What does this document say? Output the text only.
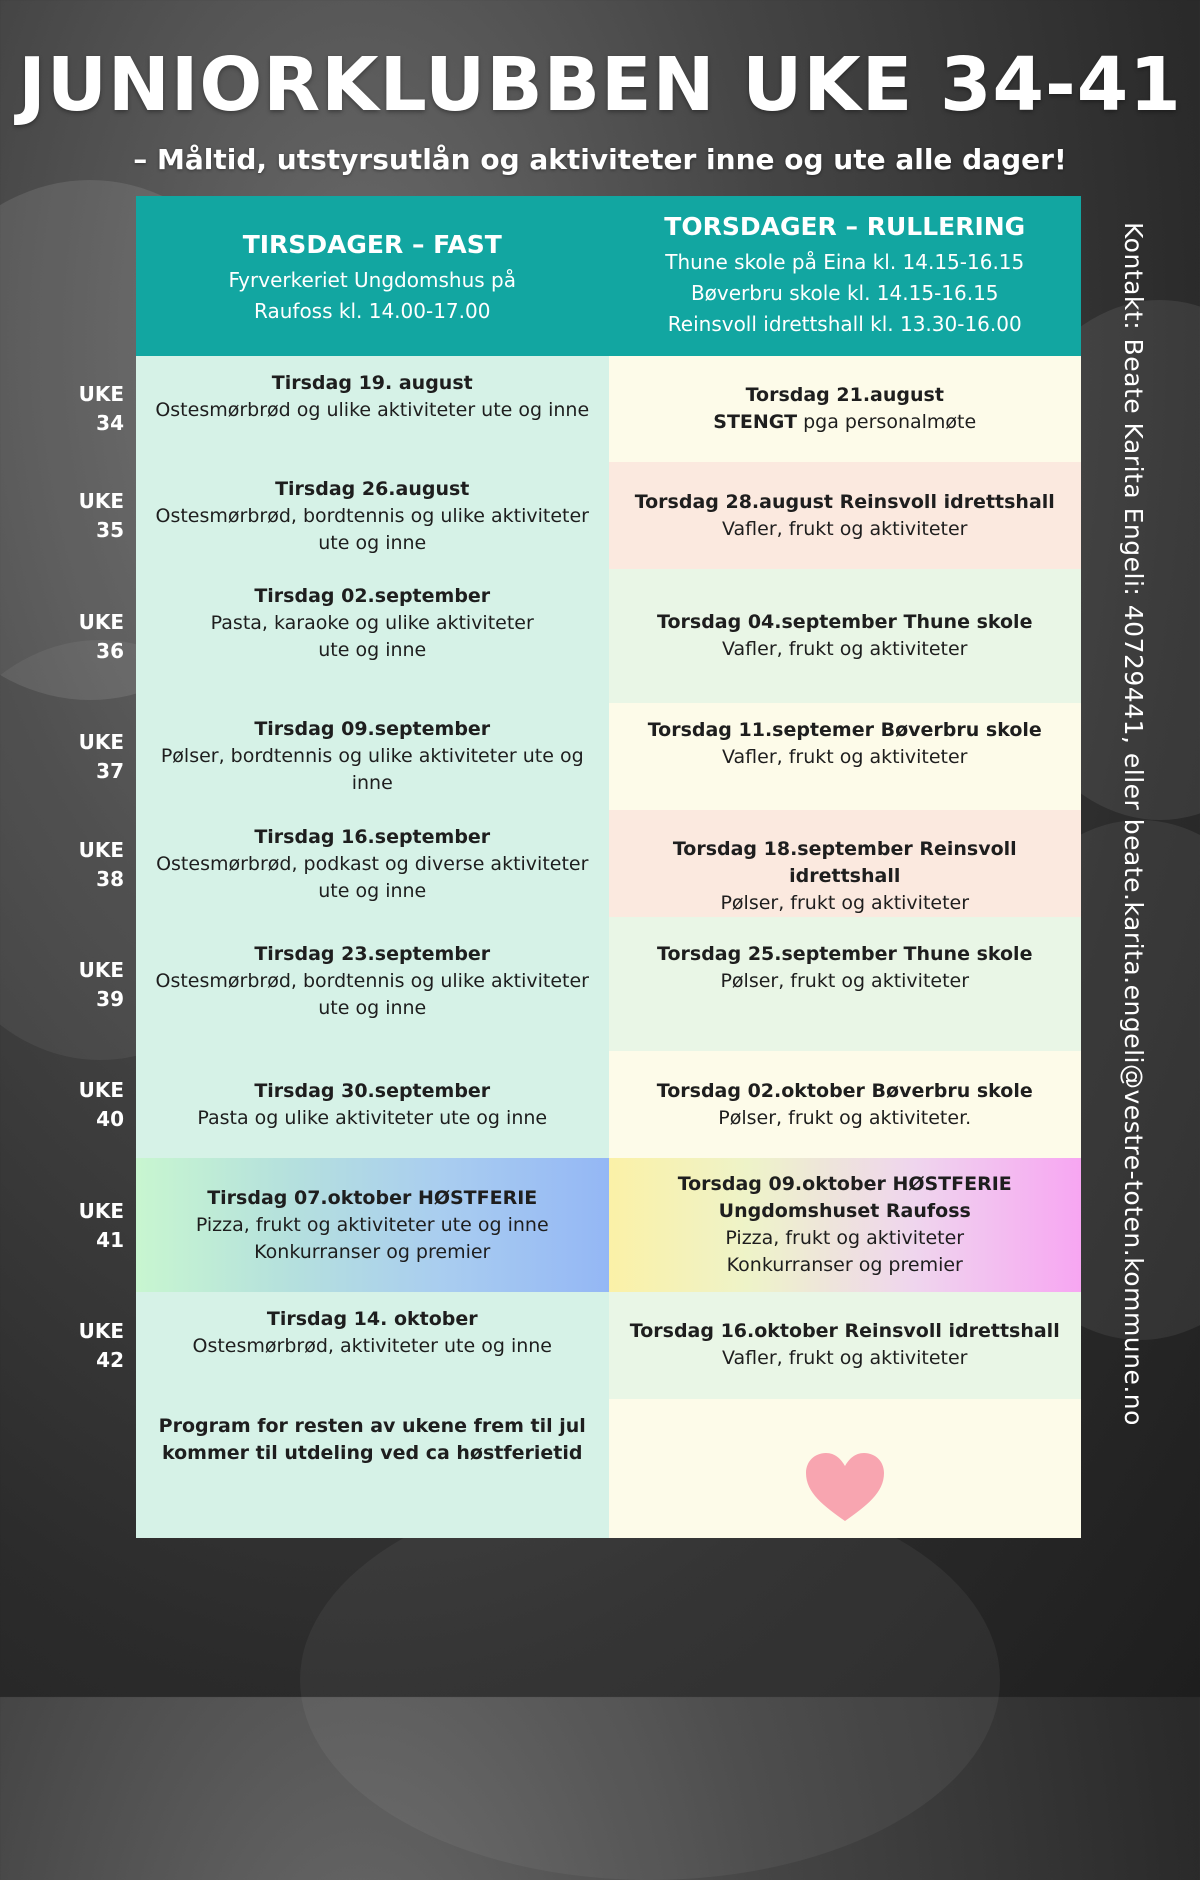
JUNIORKLUBBEN UKE 34-41
– Måltid, utstyrsutlån og aktiviteter inne og ute alle dager!
Kontakt: Beate Karita Engeli: 40729441, eller beate.karita.engeli@vestre-toten.kommune.no
TIRSDAGER – FAST
Fyrverkeriet Ungdomshus på
Raufoss kl. 14.00-17.00
TORSDAGER – RULLERING
Thune skole på Eina kl. 14.15-16.15
Bøverbru skole kl. 14.15-16.15
Reinsvoll idrettshall kl. 13.30-16.00
Tirsdag 19. august
Ostesmørbrød og ulike aktiviteter ute og inne
Torsdag 21.august
STENGT pga personalmøte
Tirsdag 26.august
Ostesmørbrød, bordtennis og ulike aktiviteter
ute og inne
Torsdag 28.august Reinsvoll idrettshall
Vafler, frukt og aktiviteter
Tirsdag 02.september
Pasta, karaoke og ulike aktiviteter
ute og inne
Torsdag 04.september Thune skole
Vafler, frukt og aktiviteter
Tirsdag 09.september
Pølser, bordtennis og ulike aktiviteter ute og
inne
Torsdag 11.septemer Bøverbru skole
Vafler, frukt og aktiviteter
Tirsdag 16.september
Ostesmørbrød, podkast og diverse aktiviteter
ute og inne
Torsdag 18.september Reinsvoll idrettshall
Pølser, frukt og aktiviteter
Tirsdag 23.september
Ostesmørbrød, bordtennis og ulike aktiviteter
ute og inne
Torsdag 25.september Thune skole
Pølser, frukt og aktiviteter
Tirsdag 30.september
Pasta og ulike aktiviteter ute og inne
Torsdag 02.oktober Bøverbru skole
Pølser, frukt og aktiviteter.
Tirsdag 07.oktober HØSTFERIE
Pizza, frukt og aktiviteter ute og inne
Konkurranser og premier
Torsdag 09.oktober HØSTFERIE
Ungdomshuset Raufoss
Pizza, frukt og aktiviteter
Konkurranser og premier
Tirsdag 14. oktober
Ostesmørbrød, aktiviteter ute og inne
Torsdag 16.oktober Reinsvoll idrettshall
Vafler, frukt og aktiviteter
Program for resten av ukene frem til jul
kommer til utdeling ved ca høstferietid
UKE
34
UKE
35
UKE
36
UKE
37
UKE
38
UKE
39
UKE
40
UKE
41
UKE
42
